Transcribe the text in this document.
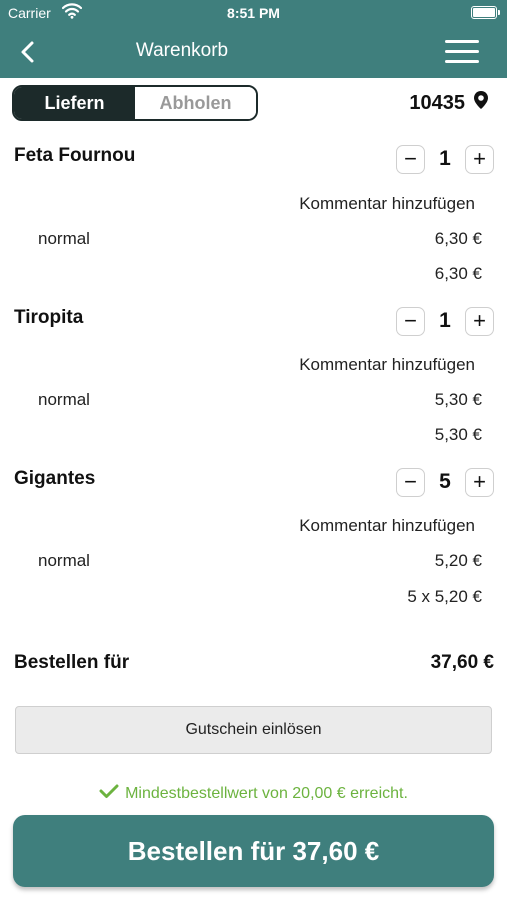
Carrier	8:51 PM
Warenkorb
Liefern	Abholen	10435
Feta Fournou	−	1	+
Kommentar hinzufügen
normal	6,30 €
6,30 €
Tiropita	−	1	+
Kommentar hinzufügen
normal	5,30 €
5,30 €
Gigantes	−	5	+
Kommentar hinzufügen
normal	5,20 €
5 x 5,20 €
Bestellen für	37,60 €
Gutschein einlösen
Mindestbestellwert von 20,00 € erreicht.
Bestellen für 37,60 €
